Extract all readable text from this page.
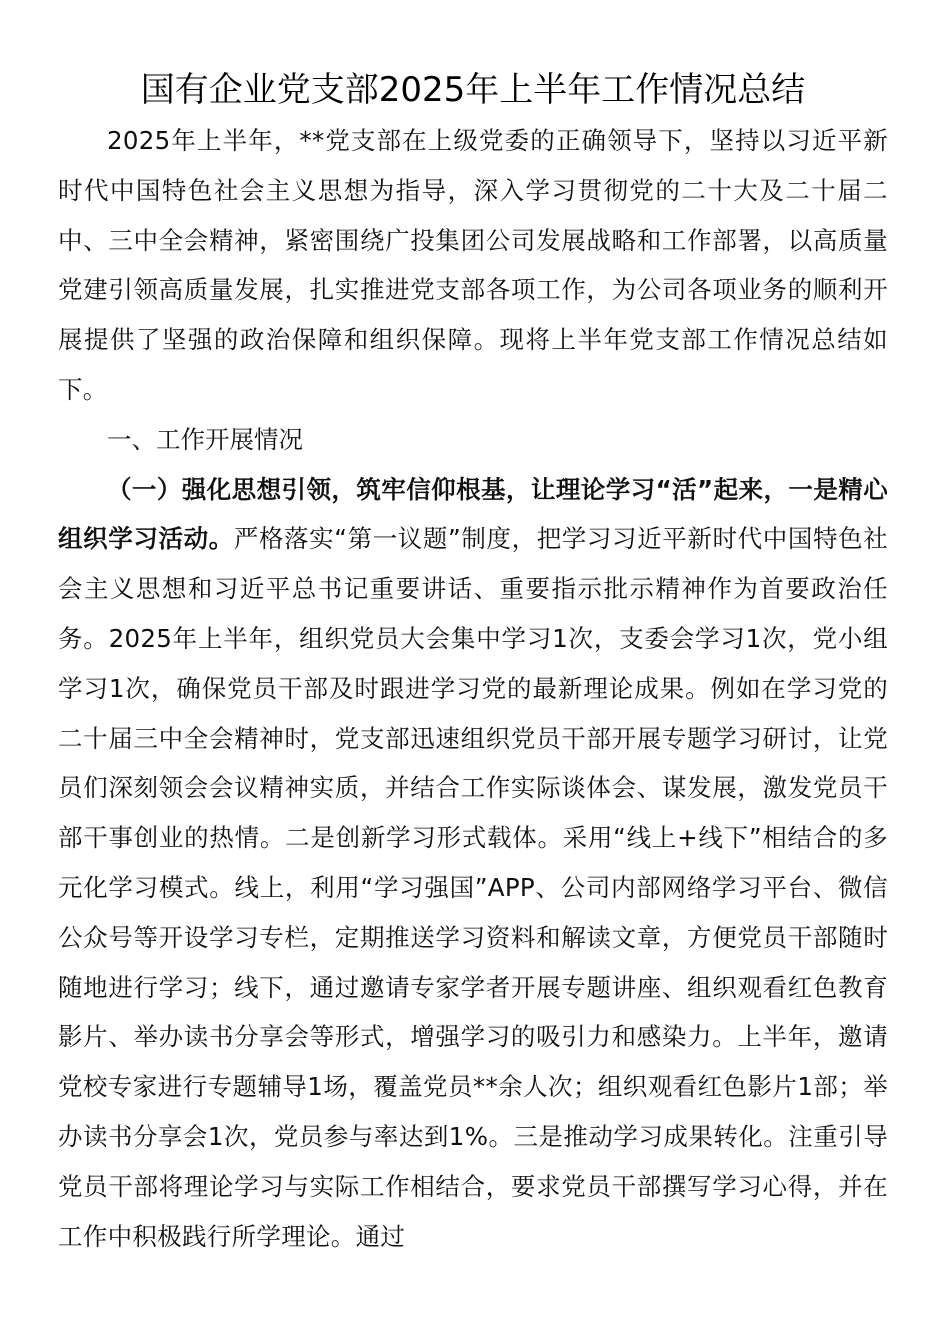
国有企业党支部2025年上半年工作情况总结

2025年上半年，**党支部在上级党委的正确领导下，坚持以习近平新时代中国特色社会主义思想为指导，深入学习贯彻党的二十大及二十届二中、三中全会精神，紧密围绕广投集团公司发展战略和工作部署，以高质量党建引领高质量发展，扎实推进党支部各项工作，为公司各项业务的顺利开展提供了坚强的政治保障和组织保障。现将上半年党支部工作情况总结如下。

一、工作开展情况

（一）强化思想引领，筑牢信仰根基，让理论学习“活”起来，一是精心组织学习活动。严格落实“第一议题”制度，把学习习近平新时代中国特色社会主义思想和习近平总书记重要讲话、重要指示批示精神作为首要政治任务。2025年上半年，组织党员大会集中学习1次，支委会学习1次，党小组学习1次，确保党员干部及时跟进学习党的最新理论成果。例如在学习党的二十届三中全会精神时，党支部迅速组织党员干部开展专题学习研讨，让党员们深刻领会会议精神实质，并结合工作实际谈体会、谋发展，激发党员干部干事创业的热情。二是创新学习形式载体。采用“线上+线下”相结合的多元化学习模式。线上，利用“学习强国”APP、公司内部网络学习平台、微信公众号等开设学习专栏，定期推送学习资料和解读文章，方便党员干部随时随地进行学习；线下，通过邀请专家学者开展专题讲座、组织观看红色教育影片、举办读书分享会等形式，增强学习的吸引力和感染力。上半年，邀请党校专家进行专题辅导1场，覆盖党员**余人次；组织观看红色影片1部；举办读书分享会1次，党员参与率达到1%。三是推动学习成果转化。注重引导党员干部将理论学习与实际工作相结合，要求党员干部撰写学习心得，并在工作中积极践行所学理论。通过
